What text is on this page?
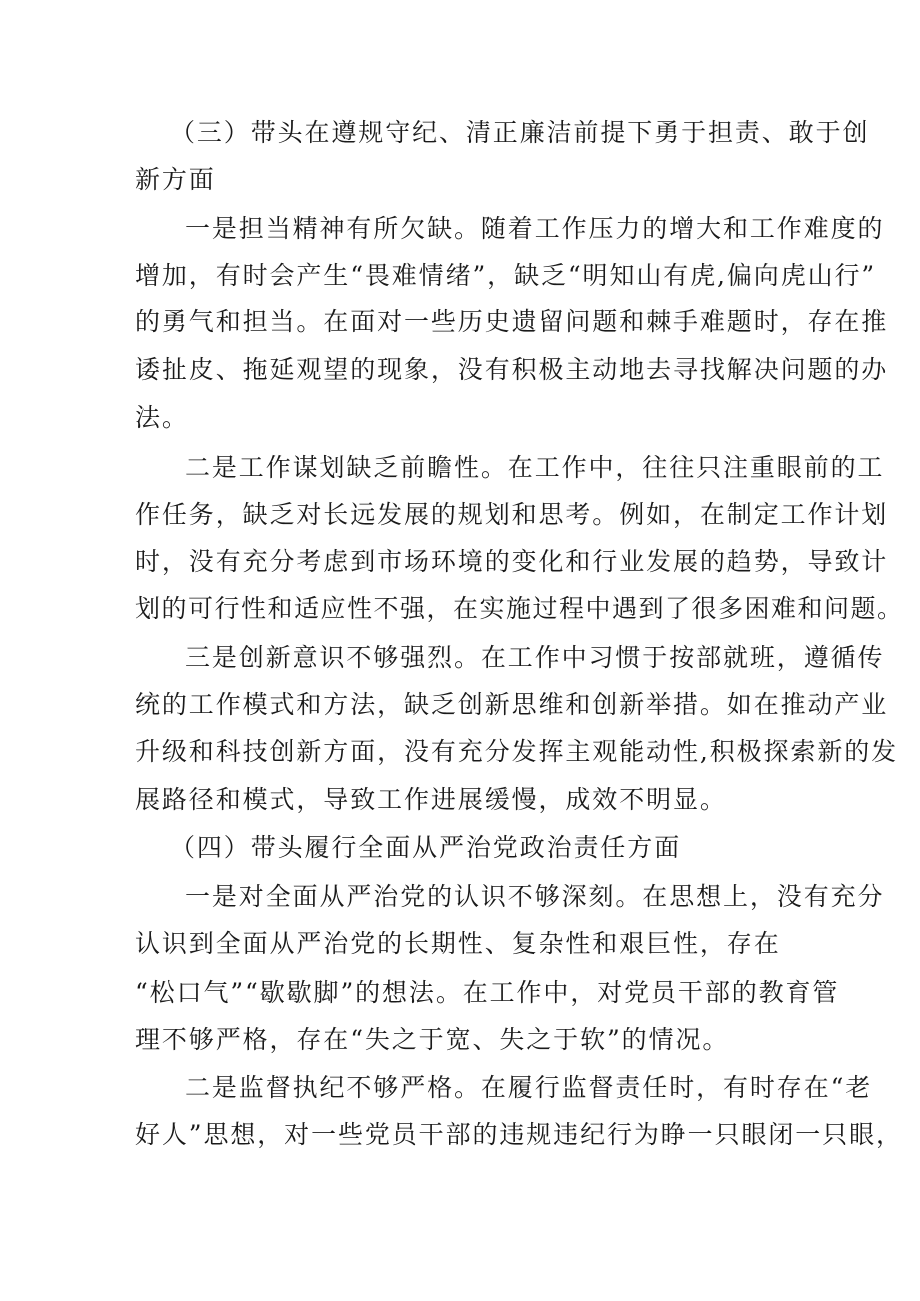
（三）带头在遵规守纪、清正廉洁前提下勇于担责、敢于创
新方面
一是担当精神有所欠缺。随着工作压力的增大和工作难度的
增加，有时会产生“畏难情绪”，缺乏“明知山有虎,偏向虎山行”
的勇气和担当。在面对一些历史遗留问题和棘手难题时，存在推
诿扯皮、拖延观望的现象，没有积极主动地去寻找解决问题的办
法。
二是工作谋划缺乏前瞻性。在工作中，往往只注重眼前的工
作任务，缺乏对长远发展的规划和思考。例如，在制定工作计划
时，没有充分考虑到市场环境的变化和行业发展的趋势，导致计
划的可行性和适应性不强，在实施过程中遇到了很多困难和问题。
三是创新意识不够强烈。在工作中习惯于按部就班，遵循传
统的工作模式和方法，缺乏创新思维和创新举措。如在推动产业
升级和科技创新方面，没有充分发挥主观能动性,积极探索新的发
展路径和模式，导致工作进展缓慢，成效不明显。
（四）带头履行全面从严治党政治责任方面
一是对全面从严治党的认识不够深刻。在思想上，没有充分
认识到全面从严治党的长期性、复杂性和艰巨性，存在
“松口气”“歇歇脚”的想法。在工作中，对党员干部的教育管
理不够严格，存在“失之于宽、失之于软”的情况。
二是监督执纪不够严格。在履行监督责任时，有时存在“老
好人”思想，对一些党员干部的违规违纪行为睁一只眼闭一只眼，
